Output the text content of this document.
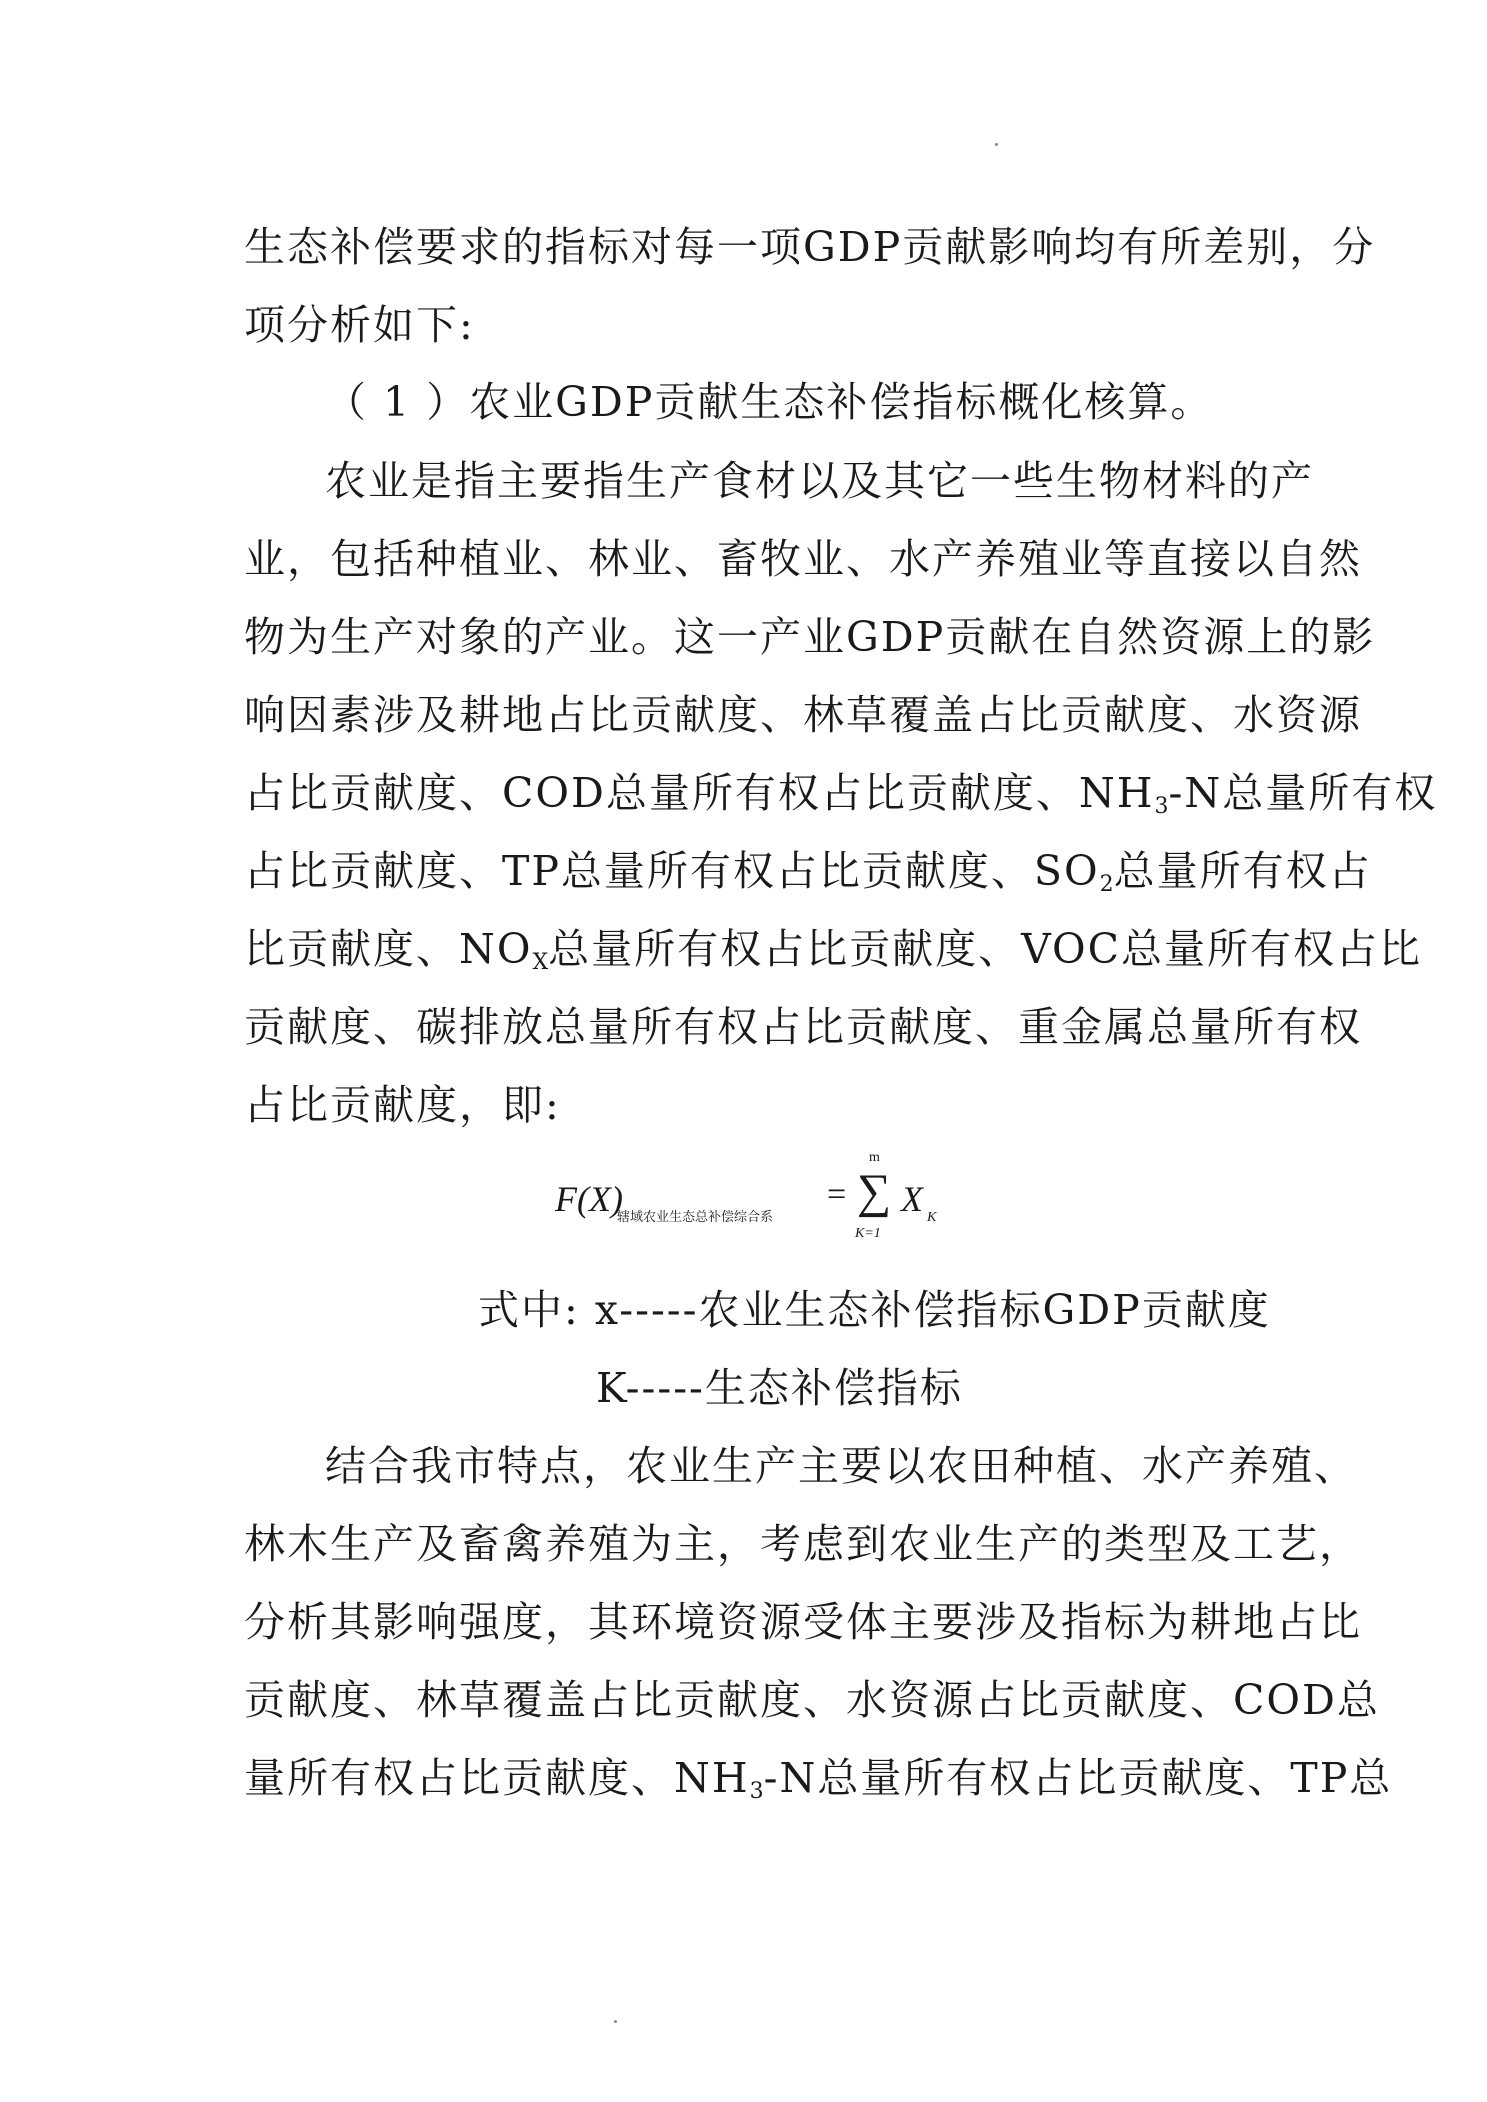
生态补偿要求的指标对每一项GDP贡献影响均有所差别，分
项分析如下:
（ 1 ）农业GDP贡献生态补偿指标概化核算。
农业是指主要指生产食材以及其它一些生物材料的产
业，包括种植业、林业、畜牧业、水产养殖业等直接以自然
物为生产对象的产业。这一产业GDP贡献在自然资源上的影
响因素涉及耕地占比贡献度、林草覆盖占比贡献度、水资源
占比贡献度、COD总量所有权占比贡献度、$NH_3-N$总量所有权
占比贡献度、TP总量所有权占比贡献度、$SO_2$总量所有权占
比贡献度、$NO_X$总量所有权占比贡献度、VOC总量所有权占比
贡献度、碳排放总量所有权占比贡献度、重金属总量所有权
占比贡献度，即:
F(X)
辖域农业生态总补偿综合系
=
m
∑
K=1
X K
式中: x-----农业生态补偿指标GDP贡献度
K-----生态补偿指标
结合我市特点，农业生产主要以农田种植、水产养殖、
林木生产及畜禽养殖为主，考虑到农业生产的类型及工艺，
分析其影响强度，其环境资源受体主要涉及指标为耕地占比
贡献度、林草覆盖占比贡献度、水资源占比贡献度、COD总
量所有权占比贡献度、$NH_3-N$总量所有权占比贡献度、TP总
